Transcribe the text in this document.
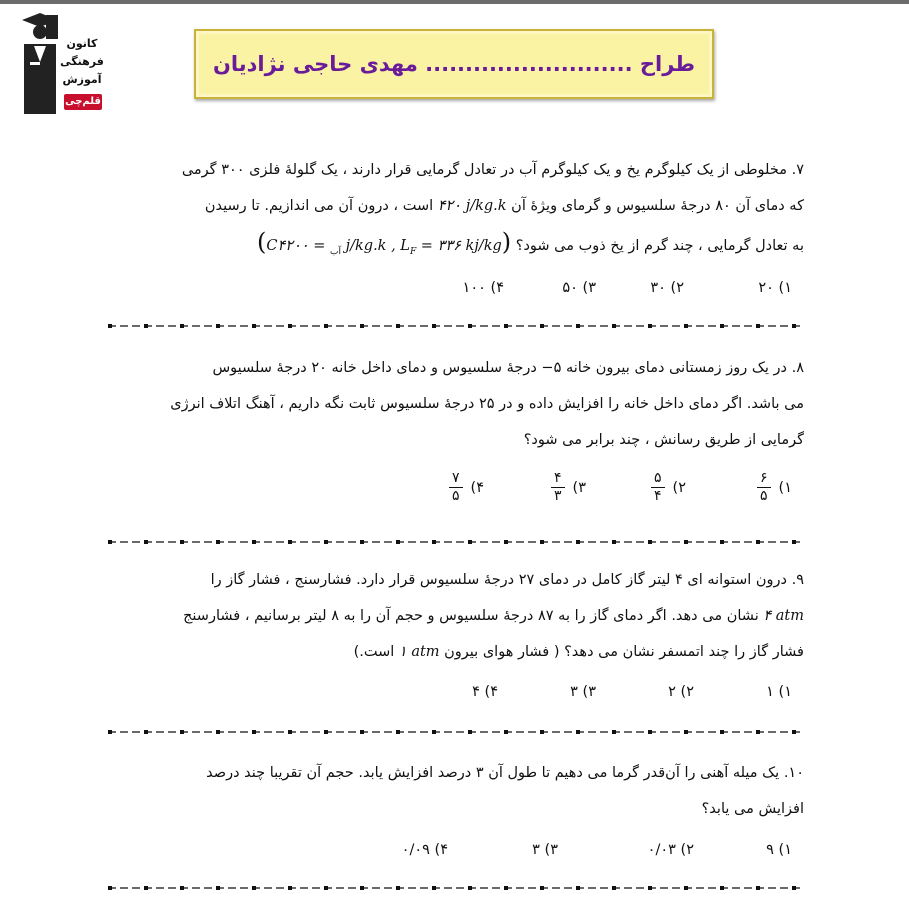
کانون
فرهنگی
آموزش
قلم‌چی
طراح .......................... مهدی حاجی نژادیان

۷. مخلوطی از یک کیلوگرم یخ و یک کیلوگرم آب در تعادل گرمایی قرار دارند ، یک گلولهٔ فلزی ۳۰۰ گرمی

که دمای آن ۸۰ درجهٔ سلسیوس و گرمای ویژهٔ آن ۴۲۰ j/kg.k است ، درون آن می اندازیم. تا رسیدن

به تعادل گرمایی ، چند گرم از یخ ذوب می شود؟ (C	$_{آب}$ = ۴۲۰۰ j/kg.k , $L_F$ = ۳۳۶ kj/kg)

۱) ۲۰
۲) ۳۰
۳) ۵۰
۴) ۱۰۰

۸. در یک روز زمستانی دمای بیرون خانه ۵− درجهٔ سلسیوس و دمای داخل خانه ۲۰ درجهٔ سلسیوس

می باشد. اگر دمای داخل خانه را افزایش داده و در ۲۵ درجهٔ سلسیوس ثابت نگه داریم ، آهنگ اتلاف انرژی

گرمایی از طریق رسانش ، چند برابر می شود؟

۱)
$\frac{۶}{۵}$
۲)
$\frac{۵}{۴}$
۳)
$\frac{۴}{۳}$
۴)
$\frac{۷}{۵}$

۹. درون استوانه ای ۴ لیتر گاز کامل در دمای ۲۷ درجهٔ سلسیوس قرار دارد. فشارسنج ، فشار گاز را

۴ atm نشان می دهد. اگر دمای گاز را به ۸۷ درجهٔ سلسیوس و حجم آن را به ۸ لیتر برسانیم ، فشارسنج

فشار گاز را چند اتمسفر نشان می دهد؟ ( فشار هوای بیرون ۱ atm است.)

۱) ۱
۲) ۲
۳) ۳
۴) ۴

۱۰. یک میله آهنی را آن‌قدر گرما می دهیم تا طول آن ۳ درصد افزایش یابد. حجم آن تقریبا چند درصد

افزایش می یابد؟

۱) ۹
۲) ۰/۰۳
۳) ۳
۴) ۰/۰۹
